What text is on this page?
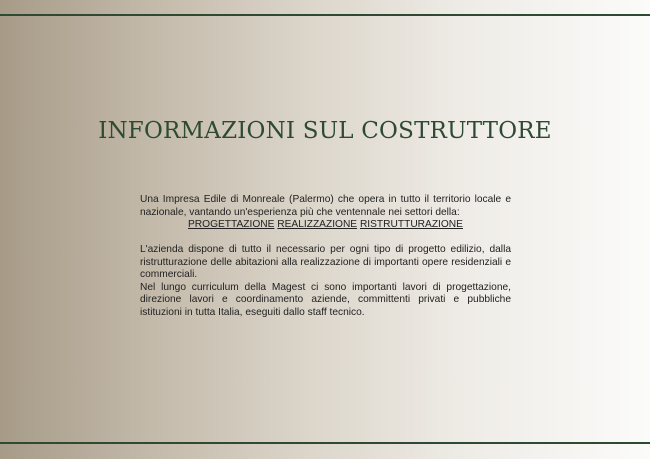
INFORMAZIONI SUL COSTRUTTORE

Una Impresa Edile di Monreale (Palermo) che opera in tutto il territorio locale e nazionale, vantando un'esperienza più che ventennale nei settori della:

PROGETTAZIONE REALIZZAZIONE RISTRUTTURAZIONE

L'azienda dispone di tutto il necessario per ogni tipo di progetto edilizio, dalla ristrutturazione delle abitazioni alla realizzazione di importanti opere residenziali e commerciali.

Nel lungo curriculum della Magest ci sono importanti lavori di progettazione, direzione lavori e coordinamento aziende, committenti privati e pubbliche istituzioni in tutta Italia, eseguiti dallo staff tecnico.
